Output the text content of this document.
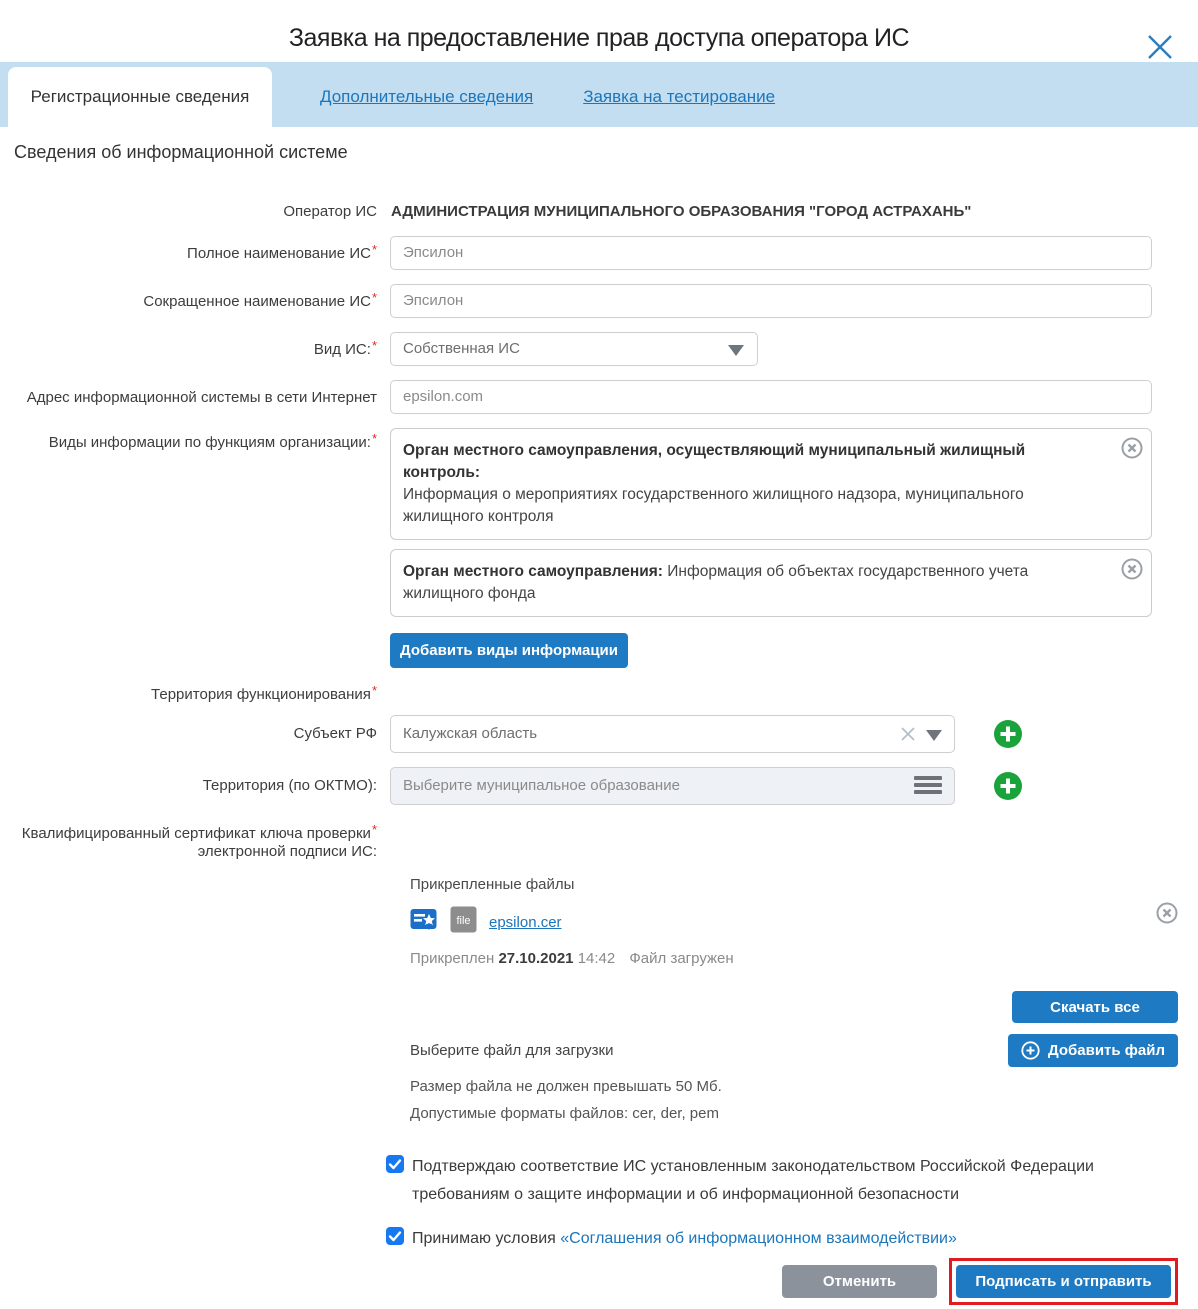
Заявка на предоставление прав доступа оператора ИС
Регистрационные сведения	Дополнительные сведения	Заявка на тестирование
Сведения об информационной системе
Оператор ИС АДМИНИСТРАЦИЯ МУНИЦИПАЛЬНОГО ОБРАЗОВАНИЯ "ГОРОД АСТРАХАНЬ"
Полное наименование ИС*	Эпсилон
Сокращенное наименование ИС*	Эпсилон
Вид ИС:*	Собственная ИС
Адрес информационной системы в сети Интернет	epsilon.com
Виды информации по функциям организации:*
Орган местного самоуправления, осуществляющий муниципальный жилищный контроль:
Информация о мероприятиях государственного жилищного надзора, муниципального жилищного контроля
Орган местного самоуправления: Информация об объектах государственного учета жилищного фонда
Добавить виды информации
Территория функционирования*
Субъект РФ	Калужская область
Территория (по ОКТМО):	Выберите муниципальное образование
Квалифицированный сертификат ключа проверки*
электронной подписи ИС:
Прикрепленные файлы
file epsilon.cer
Прикреплен 27.10.2021 14:42 Файл загружен
Скачать все
Выберите файл для загрузки	Добавить файл
Размер файла не должен превышать 50 Мб.
Допустимые форматы файлов: cer, der, pem
Подтверждаю соответствие ИС установленным законодательством Российской Федерации требованиям о защите информации и об информационной безопасности
Принимаю условия «Соглашения об информационном взаимодействии»
Отменить	Подписать и отправить
